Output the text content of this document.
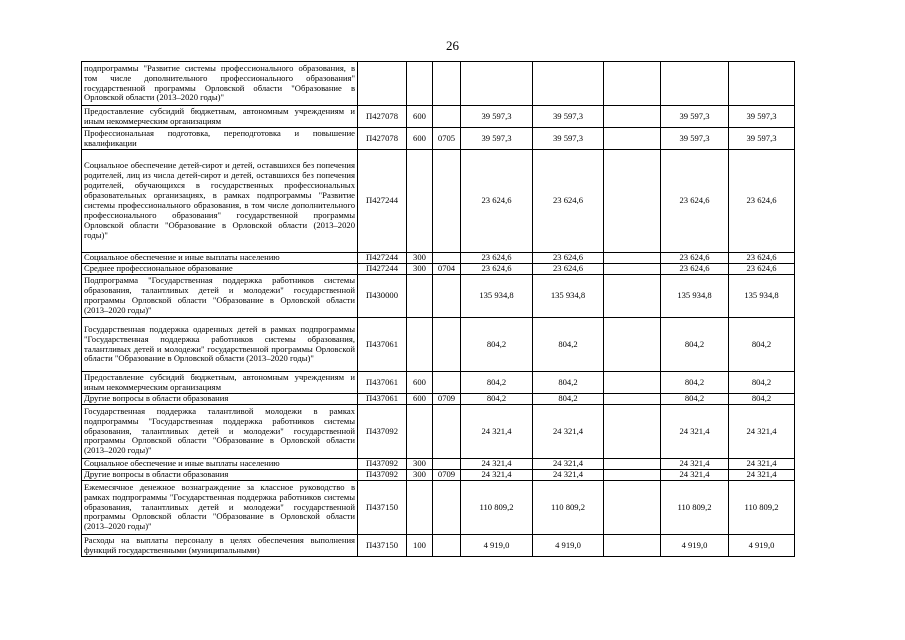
26
подпрограммы "Развитие системы профессионального образования, в том числе дополнительного профессионального образования" государственной программы Орловской области "Образование в Орловской области (2013–2020 годы)"								
Предоставление субсидий бюджетным, автономным учреждениям и иным некоммерческим организациям	П427078	600		39 597,3	39 597,3		39 597,3	39 597,3
Профессиональная подготовка, переподготовка и повышение квалификации	П427078	600	0705	39 597,3	39 597,3		39 597,3	39 597,3
Социальное обеспечение детей-сирот и детей, оставшихся без попечения родителей, лиц из числа детей-сирот и детей, оставшихся без попечения родителей, обучающихся в государственных профессиональных образовательных организациях, в рамках подпрограммы "Развитие системы профессионального образования, в том числе дополнительного профессионального образования" государственной программы Орловской области "Образование в Орловской области (2013–2020 годы)"	П427244			23 624,6	23 624,6		23 624,6	23 624,6
Социальное обеспечение и иные выплаты населению	П427244	300		23 624,6	23 624,6		23 624,6	23 624,6
Среднее профессиональное образование	П427244	300	0704	23 624,6	23 624,6		23 624,6	23 624,6
Подпрограмма "Государственная поддержка работников системы образования, талантливых детей и молодежи" государственной программы Орловской области "Образование в Орловской области (2013–2020 годы)"	П430000			135 934,8	135 934,8		135 934,8	135 934,8
Государственная поддержка одаренных детей в рамках подпрограммы "Государственная поддержка работников системы образования, талантливых детей и молодежи" государственной программы Орловской области "Образование в Орловской области (2013–2020 годы)"	П437061			804,2	804,2		804,2	804,2
Предоставление субсидий бюджетным, автономным учреждениям и иным некоммерческим организациям	П437061	600		804,2	804,2		804,2	804,2
Другие вопросы в области образования	П437061	600	0709	804,2	804,2		804,2	804,2
Государственная поддержка талантливой молодежи в рамках подпрограммы "Государственная поддержка работников системы образования, талантливых детей и молодежи" государственной программы Орловской области "Образование в Орловской области (2013–2020 годы)"	П437092			24 321,4	24 321,4		24 321,4	24 321,4
Социальное обеспечение и иные выплаты населению	П437092	300		24 321,4	24 321,4		24 321,4	24 321,4
Другие вопросы в области образования	П437092	300	0709	24 321,4	24 321,4		24 321,4	24 321,4
Ежемесячное денежное вознаграждение за классное руководство в рамках подпрограммы "Государственная поддержка работников системы образования, талантливых детей и молодежи" государственной программы Орловской области "Образование в Орловской области (2013–2020 годы)"	П437150			110 809,2	110 809,2		110 809,2	110 809,2
Расходы на выплаты персоналу в целях обеспечения выполнения функций государственными (муниципальными)	П437150	100		4 919,0	4 919,0		4 919,0	4 919,0
